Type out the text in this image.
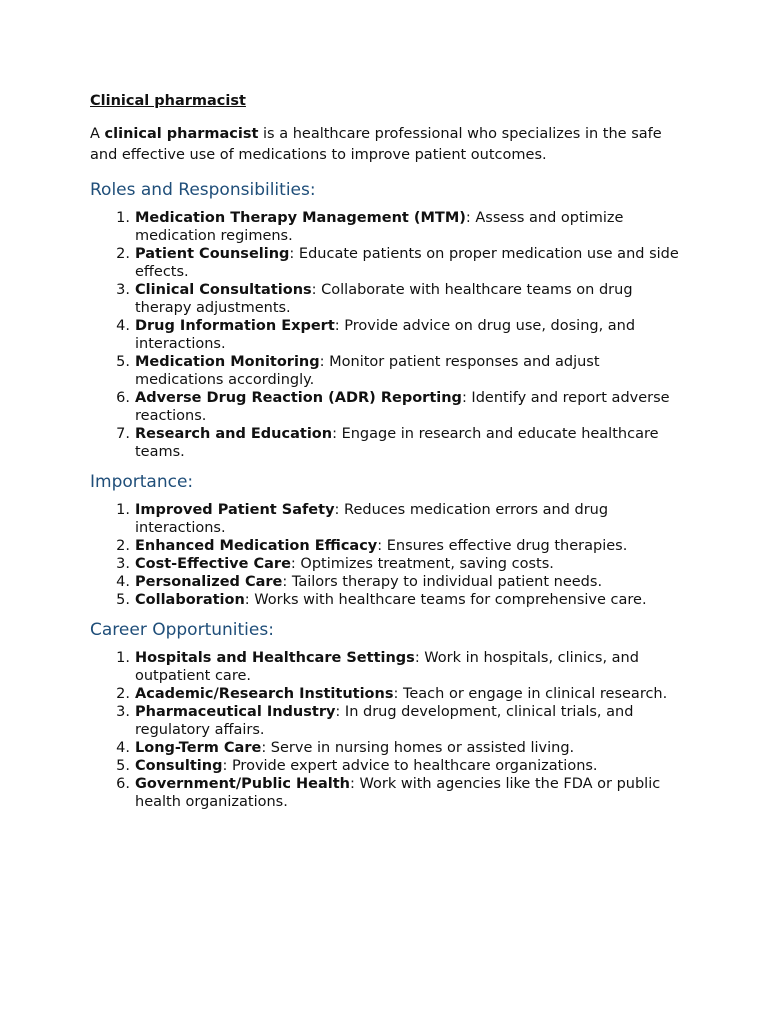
Clinical pharmacist

A clinical pharmacist is a healthcare professional who specializes in the safe and effective use of medications to improve patient outcomes.

Roles and Responsibilities:
1. Medication Therapy Management (MTM): Assess and optimize medication regimens.
2. Patient Counseling: Educate patients on proper medication use and side effects.
3. Clinical Consultations: Collaborate with healthcare teams on drug therapy adjustments.
4. Drug Information Expert: Provide advice on drug use, dosing, and interactions.
5. Medication Monitoring: Monitor patient responses and adjust medications accordingly.
6. Adverse Drug Reaction (ADR) Reporting: Identify and report adverse reactions.
7. Research and Education: Engage in research and educate healthcare teams.
Importance:
1. Improved Patient Safety: Reduces medication errors and drug interactions.
2. Enhanced Medication Efficacy: Ensures effective drug therapies.
3. Cost-Effective Care: Optimizes treatment, saving costs.
4. Personalized Care: Tailors therapy to individual patient needs.
5. Collaboration: Works with healthcare teams for comprehensive care.
Career Opportunities:
1. Hospitals and Healthcare Settings: Work in hospitals, clinics, and outpatient care.
2. Academic/Research Institutions: Teach or engage in clinical research.
3. Pharmaceutical Industry: In drug development, clinical trials, and regulatory affairs.
4. Long-Term Care: Serve in nursing homes or assisted living.
5. Consulting: Provide expert advice to healthcare organizations.
6. Government/Public Health: Work with agencies like the FDA or public health organizations.
